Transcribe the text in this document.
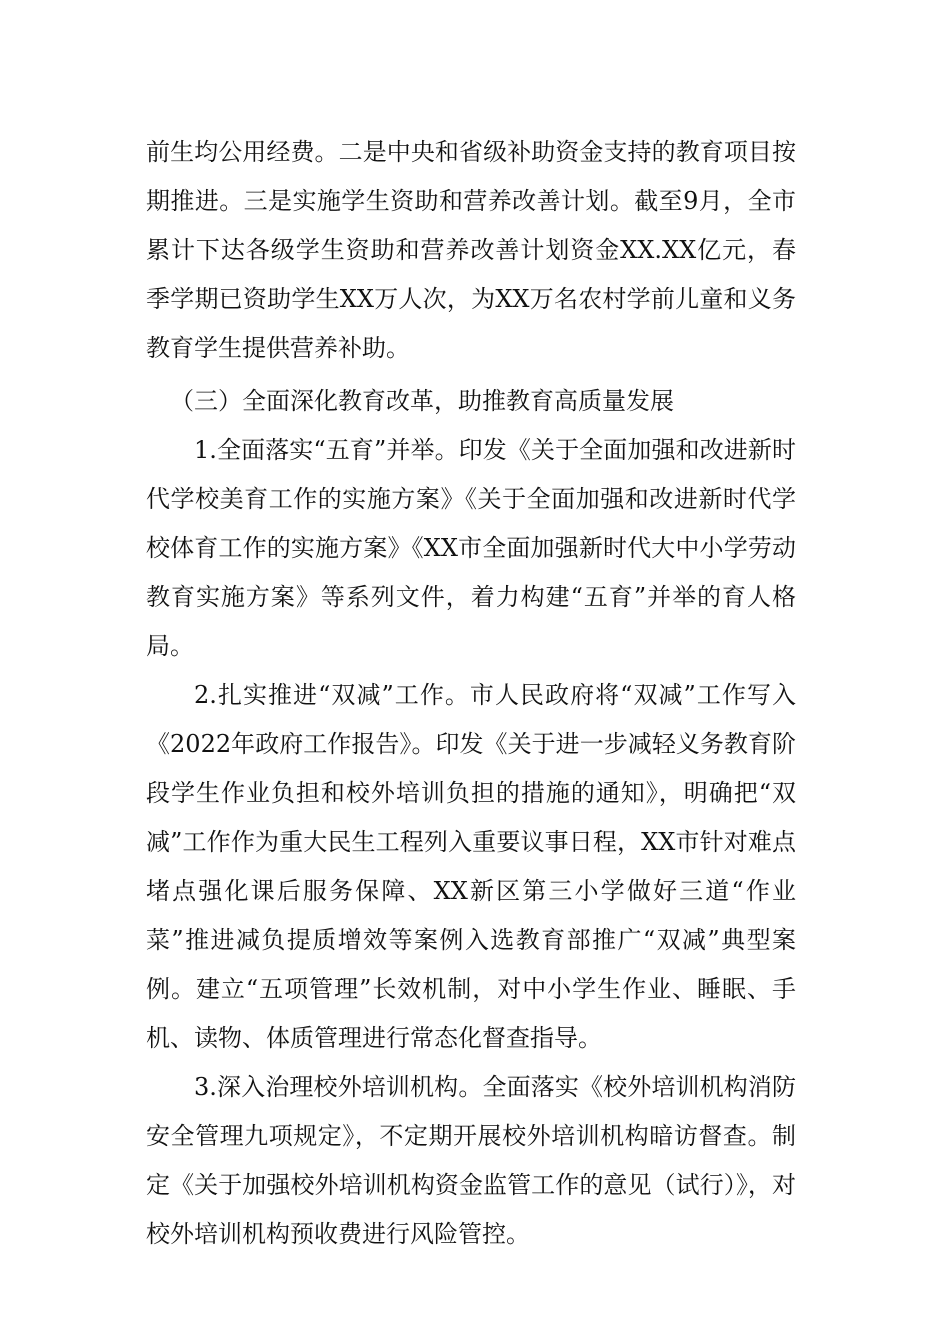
前生均公用经费。二是中央和省级补助资金支持的教育项目按期推进。三是实施学生资助和营养改善计划。截至9月，全市累计下达各级学生资助和营养改善计划资金XX.XX亿元，春季学期已资助学生XX万人次，为XX万名农村学前儿童和义务教育学生提供营养补助。

（三）全面深化教育改革，助推教育高质量发展

1.全面落实“五育”并举。印发《关于全面加强和改进新时代学校美育工作的实施方案》《关于全面加强和改进新时代学校体育工作的实施方案》《XX市全面加强新时代大中小学劳动教育实施方案》等系列文件，着力构建“五育”并举的育人格局。

2.扎实推进“双减”工作。市人民政府将“双减”工作写入《2022年政府工作报告》。印发《关于进一步减轻义务教育阶段学生作业负担和校外培训负担的措施的通知》，明确把“双减”工作作为重大民生工程列入重要议事日程，XX市针对难点堵点强化课后服务保障、XX新区第三小学做好三道“作业菜”推进减负提质增效等案例入选教育部推广“双减”典型案例。建立“五项管理”长效机制，对中小学生作业、睡眠、手机、读物、体质管理进行常态化督查指导。

3.深入治理校外培训机构。全面落实《校外培训机构消防安全管理九项规定》，不定期开展校外培训机构暗访督查。制定《关于加强校外培训机构资金监管工作的意见（试行）》，对校外培训机构预收费进行风险管控。
